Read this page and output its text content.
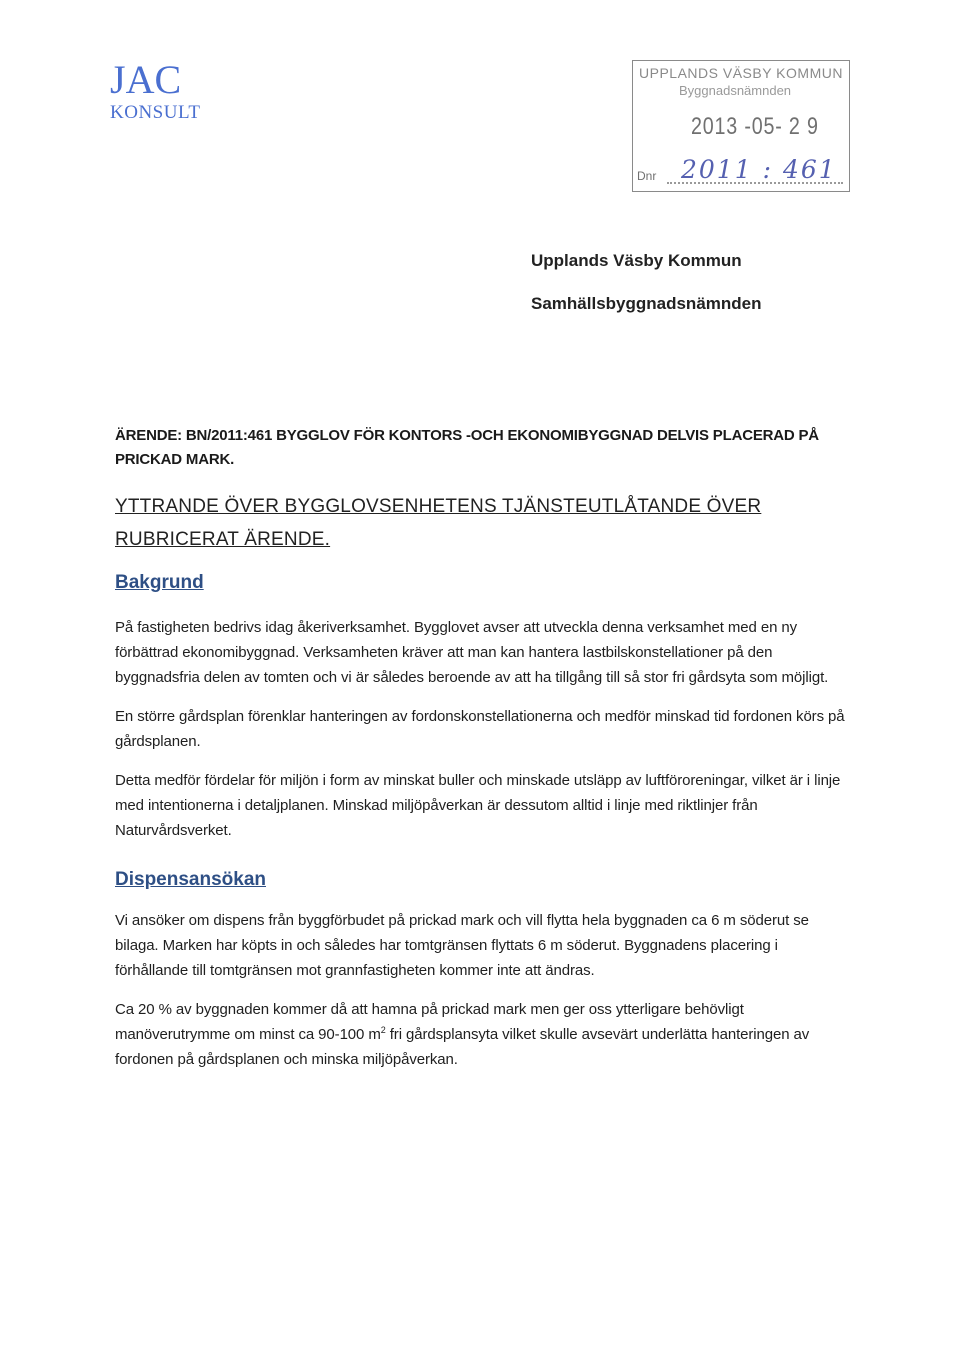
JAC
KONSULT
UPPLANDS VÄSBY KOMMUN
Byggnadsnämnden
2013 -05- 2 9
Dnr 2011 : 461
Upplands Väsby Kommun
Samhällsbyggnadsnämnden

ÄRENDE: BN/2011:461 BYGGLOV FÖR KONTORS -OCH EKONOMIBYGGNAD DELVIS PLACERAD PÅ PRICKAD MARK.

YTTRANDE ÖVER BYGGLOVSENHETENS TJÄNSTEUTLÅTANDE ÖVER RUBRICERAT ÄRENDE.

Bakgrund

På fastigheten bedrivs idag åkeriverksamhet. Bygglovet avser att utveckla denna verksamhet med en ny förbättrad ekonomibyggnad. Verksamheten kräver att man kan hantera lastbilskonstellationer på den byggnadsfria delen av tomten och vi är således beroende av att ha tillgång till så stor fri gårdsyta som möjligt.

En större gårdsplan förenklar hanteringen av fordonskonstellationerna och medför minskad tid fordonen körs på gårdsplanen.

Detta medför fördelar för miljön i form av minskat buller och minskade utsläpp av luftföroreningar, vilket är i linje med intentionerna i detaljplanen. Minskad miljöpåverkan är dessutom alltid i linje med riktlinjer från Naturvårdsverket.

Dispensansökan

Vi ansöker om dispens från byggförbudet på prickad mark och vill flytta hela byggnaden ca 6 m söderut se bilaga. Marken har köpts in och således har tomtgränsen flyttats 6 m söderut. Byggnadens placering i förhållande till tomtgränsen mot grannfastigheten kommer inte att ändras.

Ca 20 % av byggnaden kommer då att hamna på prickad mark men ger oss ytterligare behövligt manöverutrymme om minst ca 90-100 $m^2$ fri gårdsplansyta vilket skulle avsevärt underlätta hanteringen av fordonen på gårdsplanen och minska miljöpåverkan.
